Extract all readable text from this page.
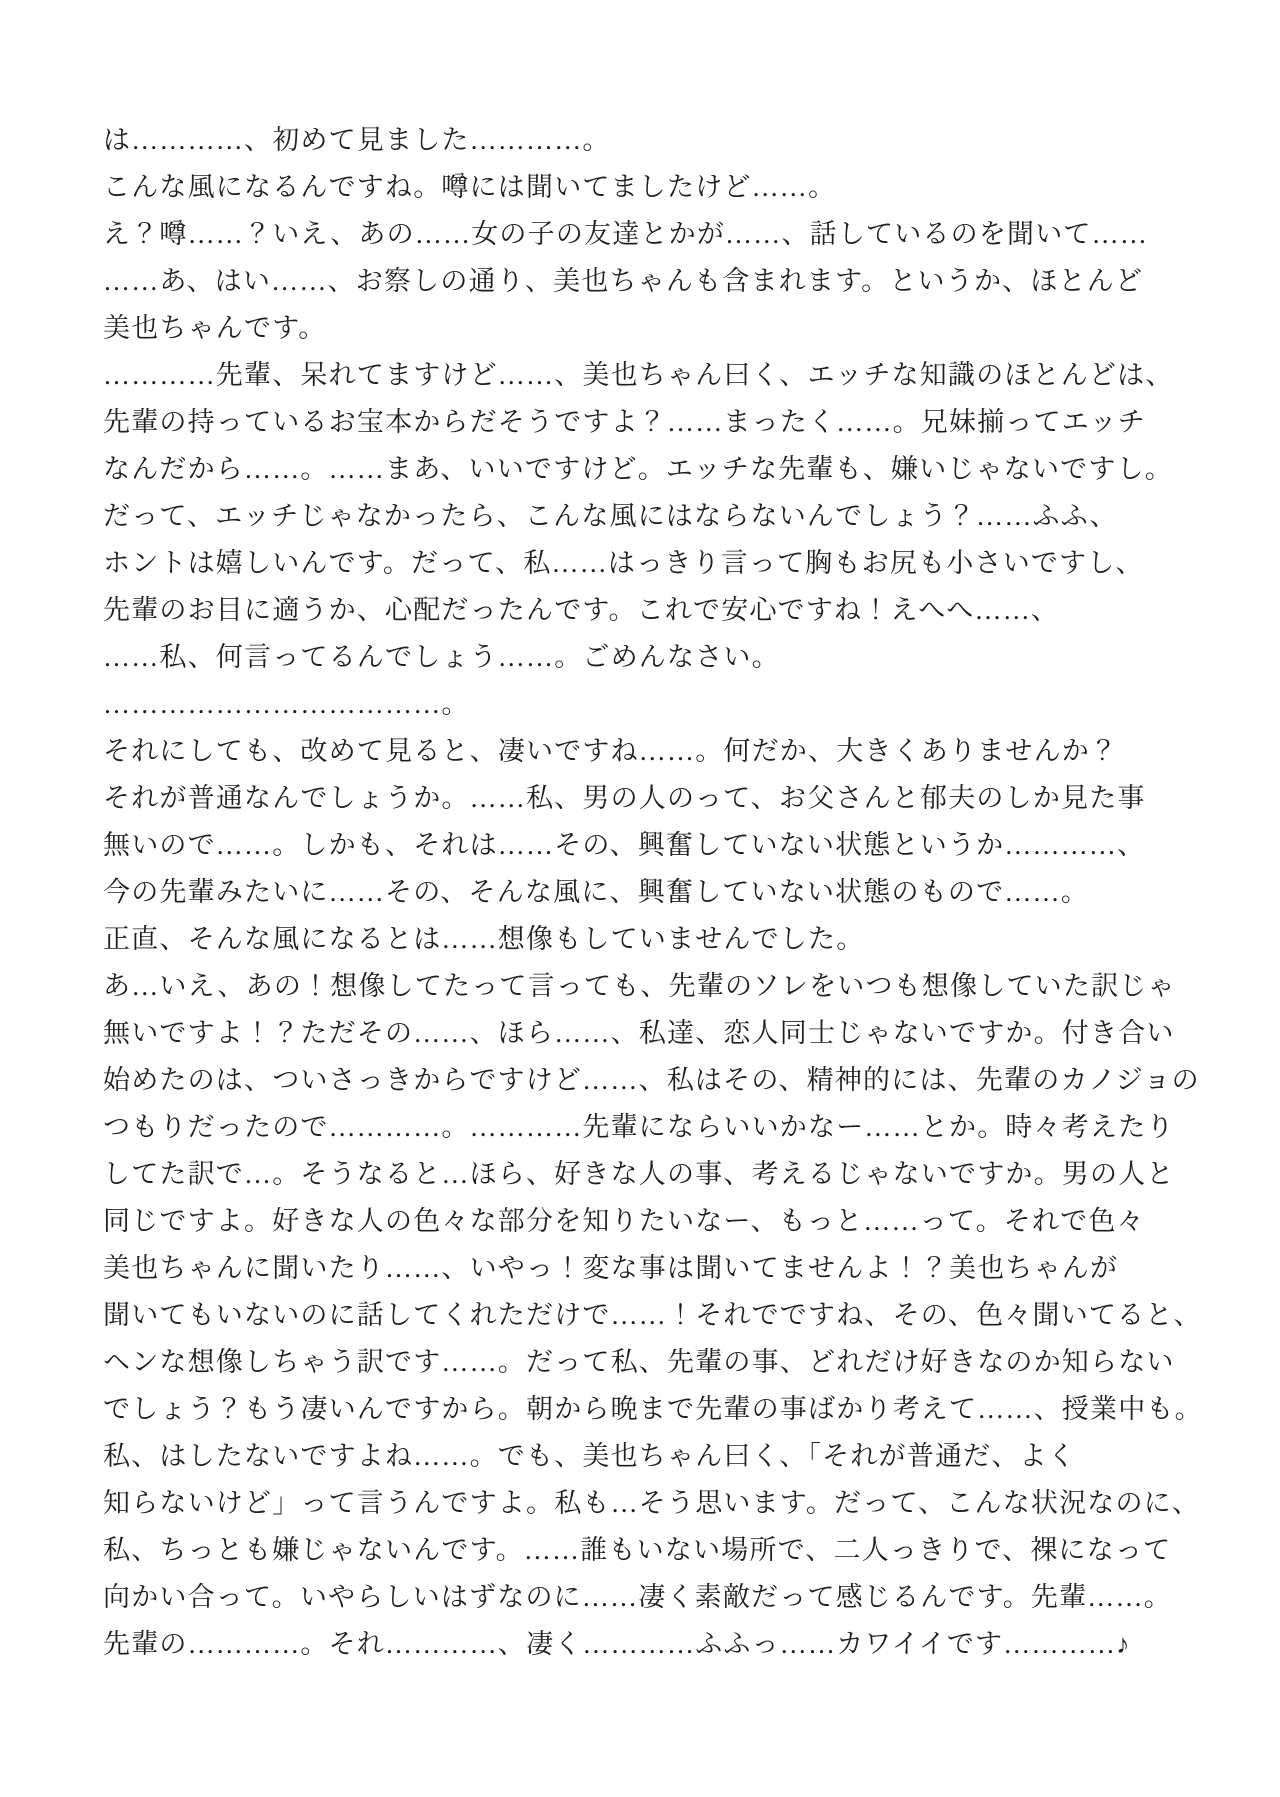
は…………、初めて見ました…………。
こんな風になるんですね。噂には聞いてましたけど……。
え？噂……？いえ、あの……女の子の友達とかが……、話しているのを聞いて……
……あ、はい……、お察しの通り、美也ちゃんも含まれます。というか、ほとんど
美也ちゃんです。
…………先輩、呆れてますけど……、美也ちゃん曰く、エッチな知識のほとんどは、
先輩の持っているお宝本からだそうですよ？……まったく……。兄妹揃ってエッチ
なんだから……。……まあ、いいですけど。エッチな先輩も、嫌いじゃないですし。
だって、エッチじゃなかったら、こんな風にはならないんでしょう？……ふふ、
ホントは嬉しいんです。だって、私……はっきり言って胸もお尻も小さいですし、
先輩のお目に適うか、心配だったんです。これで安心ですね！えへへ……、
……私、何言ってるんでしょう……。ごめんなさい。
………………………………。
それにしても、改めて見ると、凄いですね……。何だか、大きくありませんか？
それが普通なんでしょうか。……私、男の人のって、お父さんと郁夫のしか見た事
無いので……。しかも、それは……その、興奮していない状態というか…………、
今の先輩みたいに……その、そんな風に、興奮していない状態のもので……。
正直、そんな風になるとは……想像もしていませんでした。
あ…いえ、あの！想像してたって言っても、先輩のソレをいつも想像していた訳じゃ
無いですよ！？ただその……、ほら……、私達、恋人同士じゃないですか。付き合い
始めたのは、ついさっきからですけど……、私はその、精神的には、先輩のカノジョの
つもりだったので…………。…………先輩にならいいかなー……とか。時々考えたり
してた訳で…。そうなると…ほら、好きな人の事、考えるじゃないですか。男の人と
同じですよ。好きな人の色々な部分を知りたいなー、もっと……って。それで色々
美也ちゃんに聞いたり……、いやっ！変な事は聞いてませんよ！？美也ちゃんが
聞いてもいないのに話してくれただけで……！それでですね、その、色々聞いてると、
ヘンな想像しちゃう訳です……。だって私、先輩の事、どれだけ好きなのか知らない
でしょう？もう凄いんですから。朝から晩まで先輩の事ばかり考えて……、授業中も。
私、はしたないですよね……。でも、美也ちゃん曰く、「それが普通だ、よく
知らないけど」って言うんですよ。私も…そう思います。だって、こんな状況なのに、
私、ちっとも嫌じゃないんです。……誰もいない場所で、二人っきりで、裸になって
向かい合って。いやらしいはずなのに……凄く素敵だって感じるんです。先輩……。
先輩の…………。それ…………、凄く…………ふふっ……カワイイです…………♪
